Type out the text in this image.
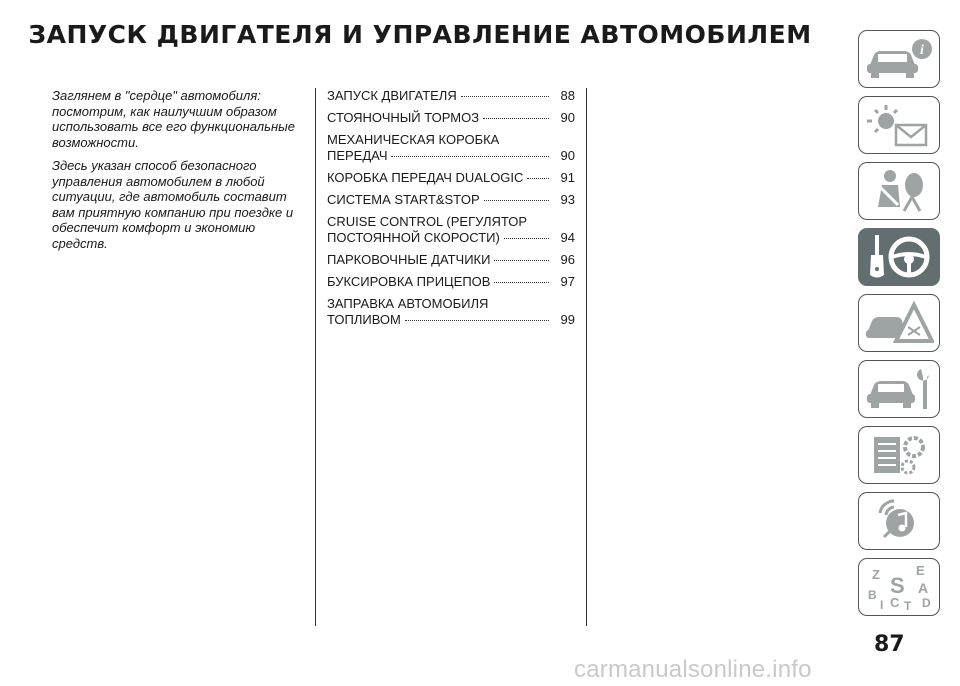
ЗАПУСК ДВИГАТЕЛЯ И УПРАВЛЕНИЕ АВТОМОБИЛЕМ

Заглянем в "сердце" автомобиля: посмотрим, как наилучшим образом использовать все его функциональные возможности.

Здесь указан способ безопасного управления автомобилем в любой ситуации, где автомобиль составит вам приятную компанию при поездке и обеспечит комфорт и экономию средств.

ЗАПУСК ДВИГАТЕЛЯ	88
СТОЯНОЧНЫЙ ТОРМОЗ	90
МЕХАНИЧЕСКАЯ КОРОБКА
ПЕРЕДАЧ	90
КОРОБКА ПЕРЕДАЧ DUALOGIC	91
СИСТЕМА START&STOP	93
CRUISE CONTROL (РЕГУЛЯТОР
ПОСТОЯННОЙ СКОРОСТИ)	94
ПАРКОВОЧНЫЕ ДАТЧИКИ	96
БУКСИРОВКА ПРИЦЕПОВ	97
ЗАПРАВКА АВТОМОБИЛЯ
ТОПЛИВОМ	99
i
Z	E
S A
B C D
I T
87
carmanualsonline.info
